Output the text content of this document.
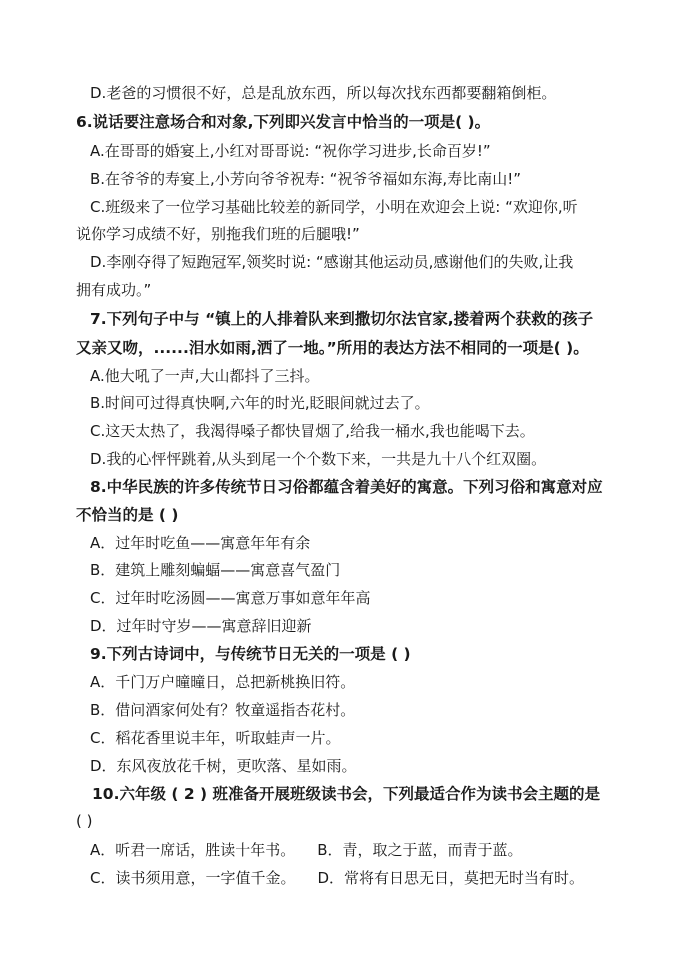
D.老爸的习惯很不好，总是乱放东西，所以每次找东西都要翻箱倒柜。
6.说话要注意场合和对象,下列即兴发言中恰当的一项是( )。
A.在哥哥的婚宴上,小红对哥哥说: “祝你学习进步,长命百岁!”
B.在爷爷的寿宴上,小芳向爷爷祝寿: “祝爷爷福如东海,寿比南山!”
C.班级来了一位学习基础比较差的新同学，小明在欢迎会上说: “欢迎你,听
说你学习成绩不好，别拖我们班的后腿哦!”
D.李刚夺得了短跑冠军,领奖时说: “感谢其他运动员,感谢他们的失败,让我
拥有成功。”
7.下列句子中与 “镇上的人排着队来到撒切尔法官家,搂着两个获救的孩子
又亲又吻，......泪水如雨,洒了一地。”所用的表达方法不相同的一项是( )。
A.他大吼了一声,大山都抖了三抖。
B.时间可过得真快啊,六年的时光,眨眼间就过去了。
C.这天太热了，我渴得嗓子都快冒烟了,给我一桶水,我也能喝下去。
D.我的心怦怦跳着,从头到尾一个个数下来，一共是九十八个红双圈。
8.中华民族的许多传统节日习俗都蕴含着美好的寓意。下列习俗和寓意对应
不恰当的是 ( )
A．过年时吃鱼——寓意年年有余
B．建筑上雕刻蝙蝠——寓意喜气盈门
C．过年时吃汤圆——寓意万事如意年年高
D．过年时守岁——寓意辞旧迎新
9.下列古诗词中，与传统节日无关的一项是 ( )
A．千门万户曈曈日，总把新桃换旧符。
B．借问酒家何处有？牧童遥指杏花村。
C．稻花香里说丰年，听取蛙声一片。
D．东风夜放花千树，更吹落、星如雨。
10.六年级 ( 2 ) 班准备开展班级读书会，下列最适合作为读书会主题的是
( )
A．听君一席话，胜读十年书。 B．青，取之于蓝，而青于蓝。
C．读书须用意，一字值千金。 D．常将有日思无日，莫把无时当有时。
